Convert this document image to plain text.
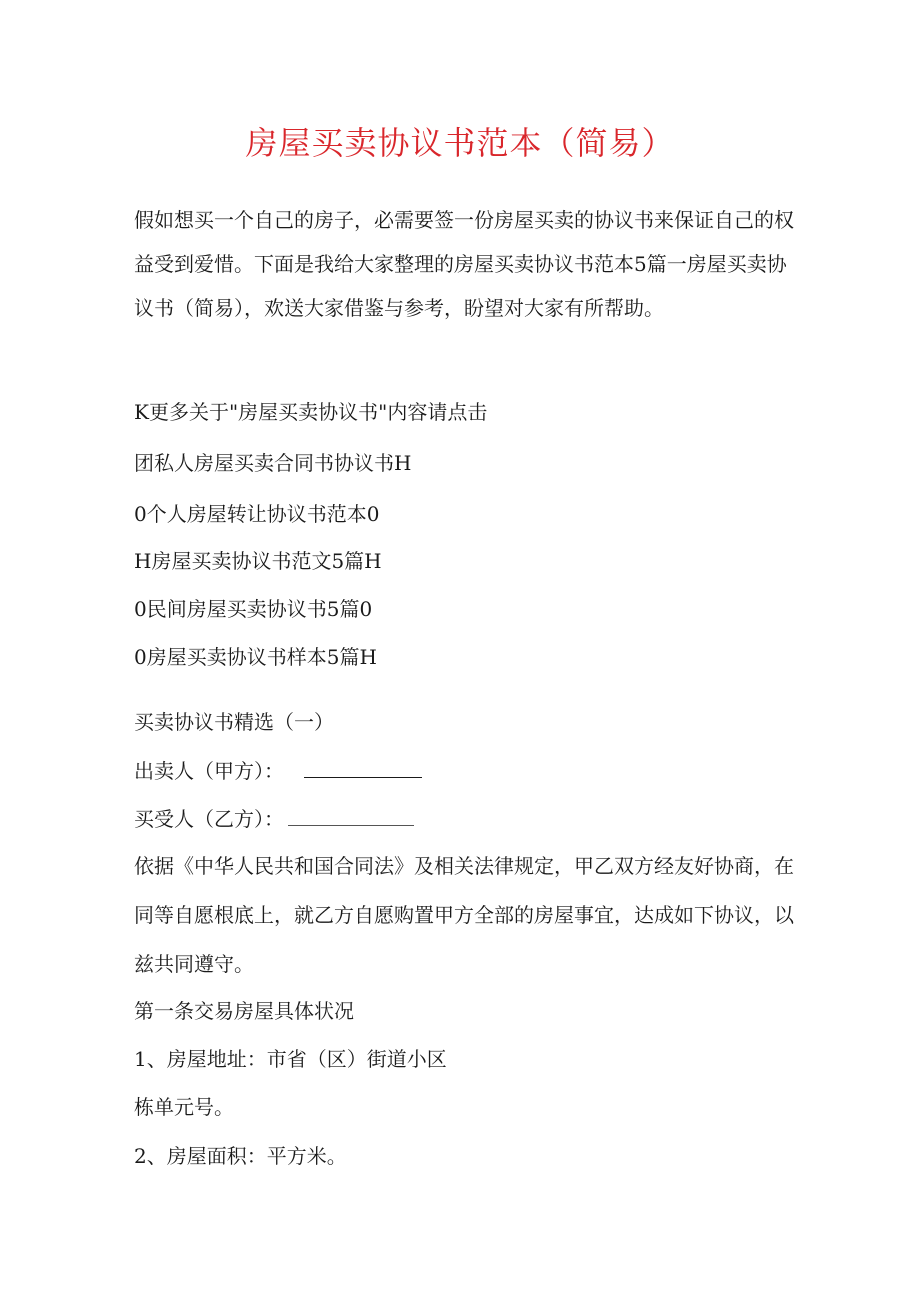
房屋买卖协议书范本（简易）

假如想买一个自己的房子，必需要签一份房屋买卖的协议书来保证自己的权益受到爱惜。下面是我给大家整理的房屋买卖协议书范本5篇一房屋买卖协议书（简易），欢送大家借鉴与参考，盼望对大家有所帮助。

K更多关于"房屋买卖协议书"内容请点击

团私人房屋买卖合同书协议书H

0个人房屋转让协议书范本0

H房屋买卖协议书范文5篇H

0民间房屋买卖协议书5篇0

0房屋买卖协议书样本5篇H

买卖协议书精选（一）

出卖人（甲方）：

买受人（乙方）：

依据《中华人民共和国合同法》及相关法律规定，甲乙双方经友好协商，在同等自愿根底上，就乙方自愿购置甲方全部的房屋事宜，达成如下协议，以兹共同遵守。

第一条交易房屋具体状况

1、房屋地址：市省（区）街道小区

栋单元号。

2、房屋面积：平方米。
